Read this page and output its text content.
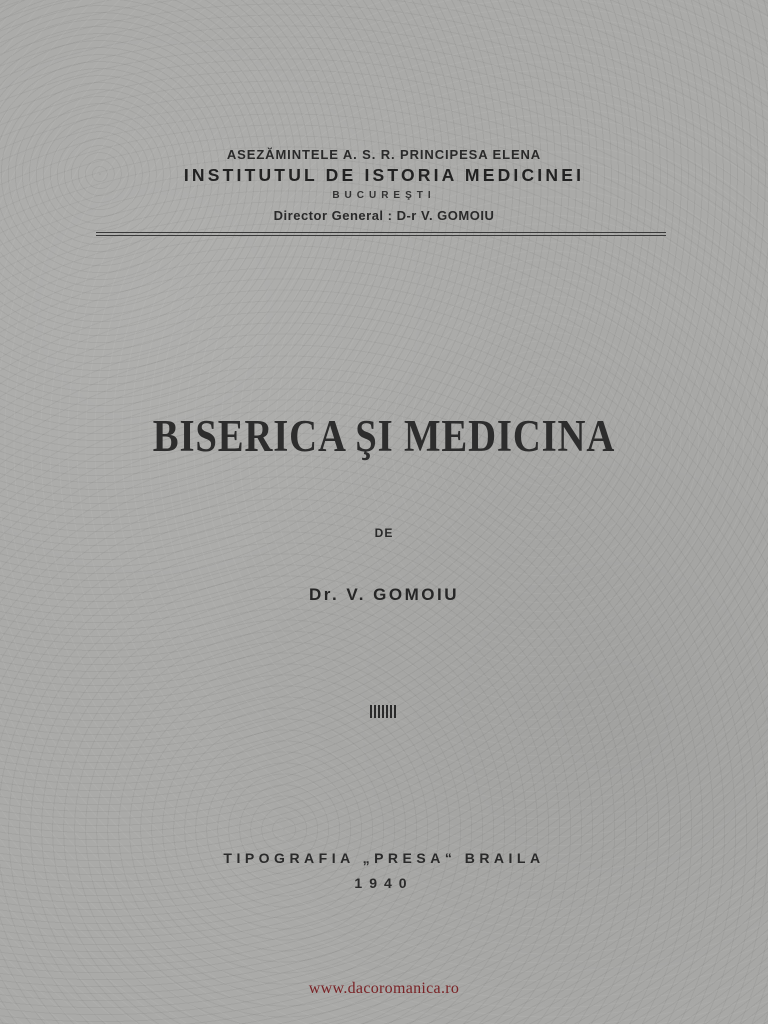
ASEZĂMINTELE A. S. R. PRINCIPESA ELENA
INSTITUTUL DE ISTORIA MEDICINEI
BUCUREŞTI
Director General : D-r V. GOMOIU
BISERICA ŞI MEDICINA
DE
Dr. V. GOMOIU
TIPOGRAFIA „PRESA“ BRAILA
1940
www.dacoromanica.ro
